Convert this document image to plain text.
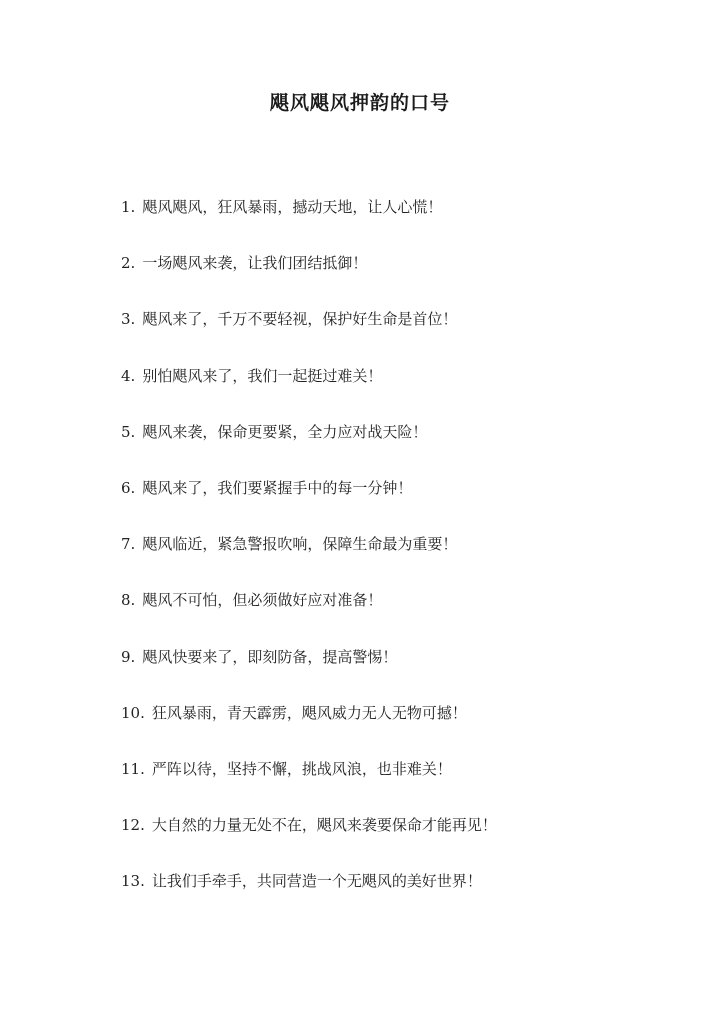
飓风飓风押韵的口号
1. 飓风飓风，狂风暴雨，撼动天地，让人心慌！
2. 一场飓风来袭，让我们团结抵御！
3. 飓风来了，千万不要轻视，保护好生命是首位！
4. 别怕飓风来了，我们一起挺过难关！
5. 飓风来袭，保命更要紧，全力应对战天险！
6. 飓风来了，我们要紧握手中的每一分钟！
7. 飓风临近，紧急警报吹响，保障生命最为重要！
8. 飓风不可怕，但必须做好应对准备！
9. 飓风快要来了，即刻防备，提高警惕！
10. 狂风暴雨，青天霹雳，飓风威力无人无物可撼！
11. 严阵以待，坚持不懈，挑战风浪，也非难关！
12. 大自然的力量无处不在，飓风来袭要保命才能再见！
13. 让我们手牵手，共同营造一个无飓风的美好世界！
